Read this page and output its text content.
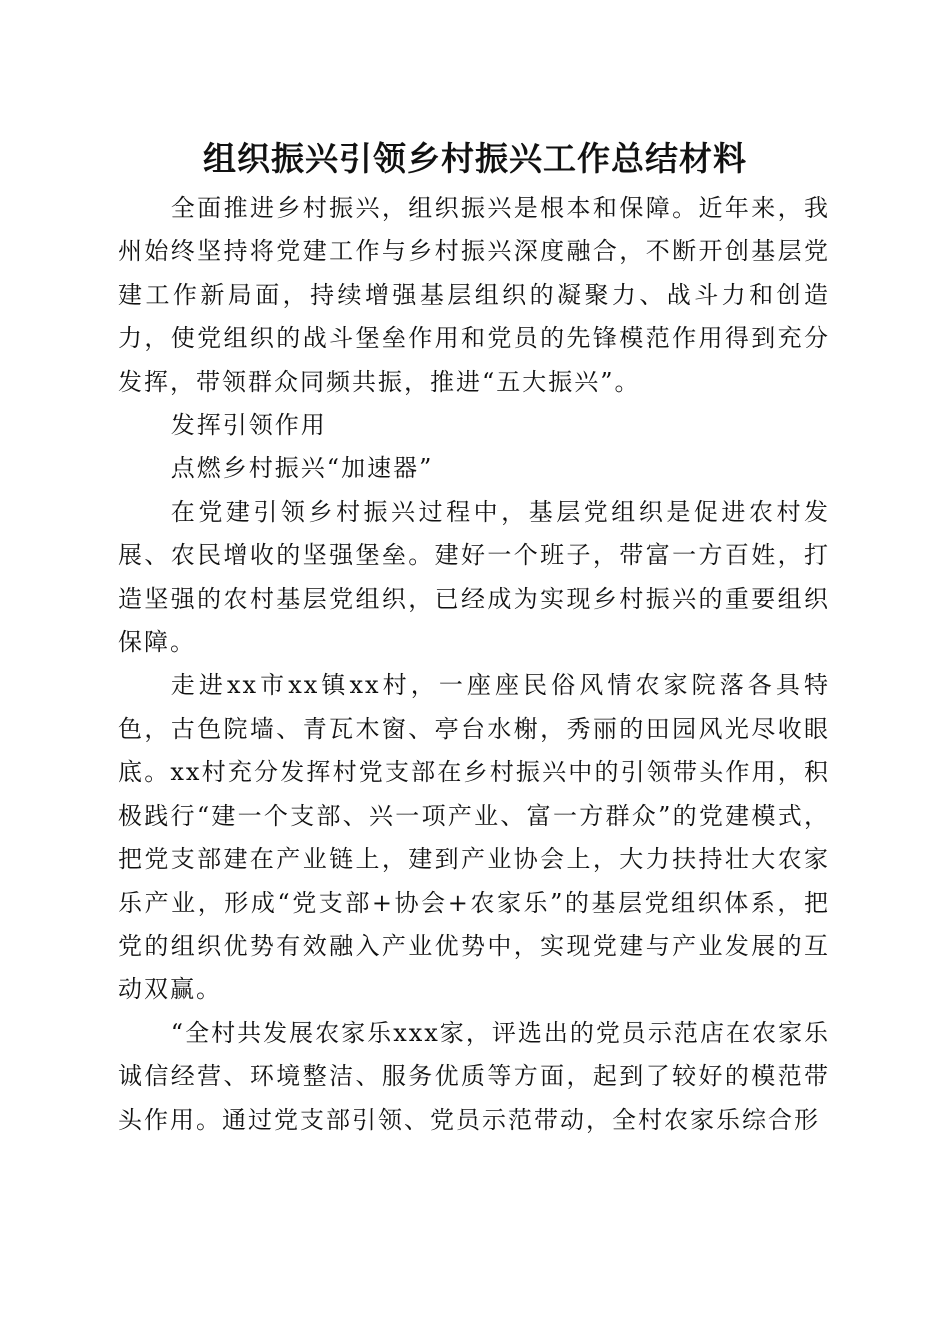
组织振兴引领乡村振兴工作总结材料

全面推进乡村振兴，组织振兴是根本和保障。近年来，我州始终坚持将党建工作与乡村振兴深度融合，不断开创基层党建工作新局面，持续增强基层组织的凝聚力、战斗力和创造力，使党组织的战斗堡垒作用和党员的先锋模范作用得到充分发挥，带领群众同频共振，推进“五大振兴”。

发挥引领作用

点燃乡村振兴“加速器”

在党建引领乡村振兴过程中，基层党组织是促进农村发展、农民增收的坚强堡垒。建好一个班子，带富一方百姓，打造坚强的农村基层党组织，已经成为实现乡村振兴的重要组织保障。

走进xx市xx镇xx村，一座座民俗风情农家院落各具特色，古色院墙、青瓦木窗、亭台水榭，秀丽的田园风光尽收眼底。xx村充分发挥村党支部在乡村振兴中的引领带头作用，积极践行“建一个支部、兴一项产业、富一方群众”的党建模式，把党支部建在产业链上，建到产业协会上，大力扶持壮大农家乐产业，形成“党支部+协会+农家乐”的基层党组织体系，把党的组织优势有效融入产业优势中，实现党建与产业发展的互动双赢。

“全村共发展农家乐xxx家，评选出的党员示范店在农家乐诚信经营、环境整洁、服务优质等方面，起到了较好的模范带头作用。通过党支部引领、党员示范带动，全村农家乐综合形
